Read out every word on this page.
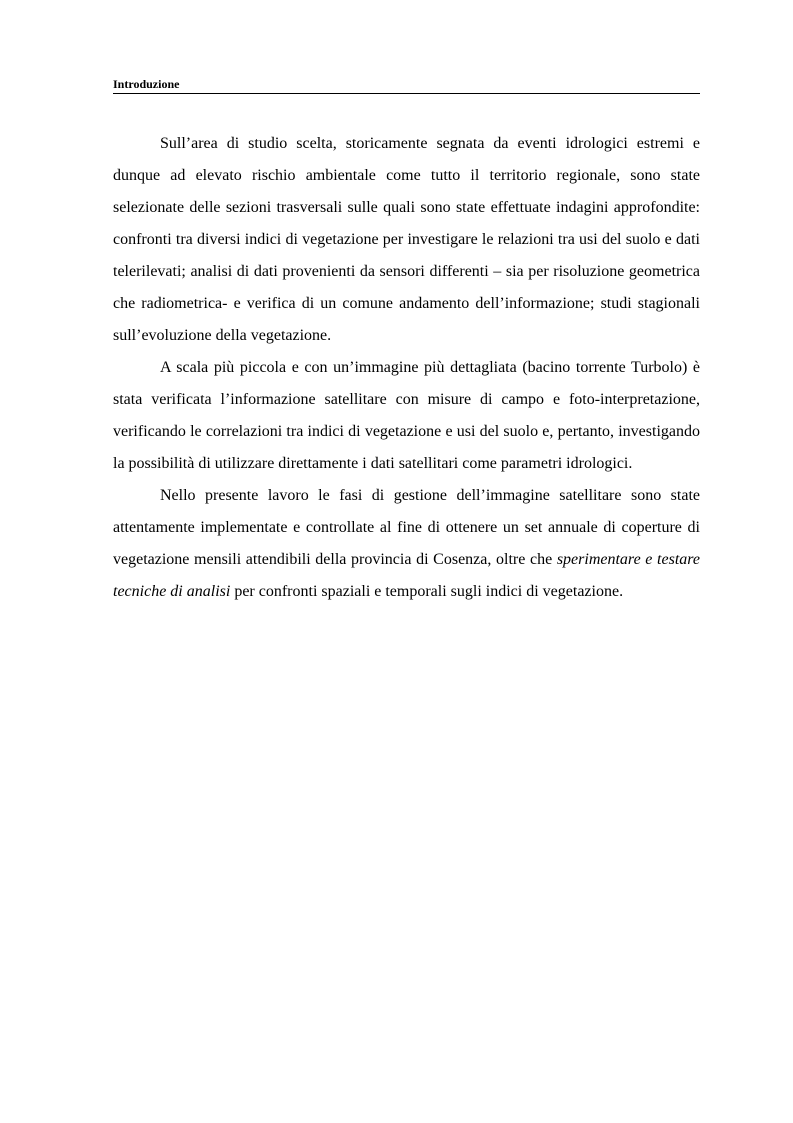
Introduzione

Sull’area di studio scelta, storicamente segnata da eventi idrologici estremi e dunque ad elevato rischio ambientale come tutto il territorio regionale, sono state selezionate delle sezioni trasversali sulle quali sono state effettuate indagini approfondite: confronti tra diversi indici di vegetazione per investigare le relazioni tra usi del suolo e dati telerilevati; analisi di dati provenienti da sensori differenti – sia per risoluzione geometrica che radiometrica- e verifica di un comune andamento dell’informazione; studi stagionali sull’evoluzione della vegetazione.

A scala più piccola e con un’immagine più dettagliata (bacino torrente Turbolo) è stata verificata l’informazione satellitare con misure di campo e foto-interpretazione, verificando le correlazioni tra indici di vegetazione e usi del suolo e, pertanto, investigando la possibilità di utilizzare direttamente i dati satellitari come parametri idrologici.

Nello presente lavoro le fasi di gestione dell’immagine satellitare sono state attentamente implementate e controllate al fine di ottenere un set annuale di coperture di vegetazione mensili attendibili della provincia di Cosenza, oltre che sperimentare e testare tecniche di analisi per confronti spaziali e temporali sugli indici di vegetazione.
